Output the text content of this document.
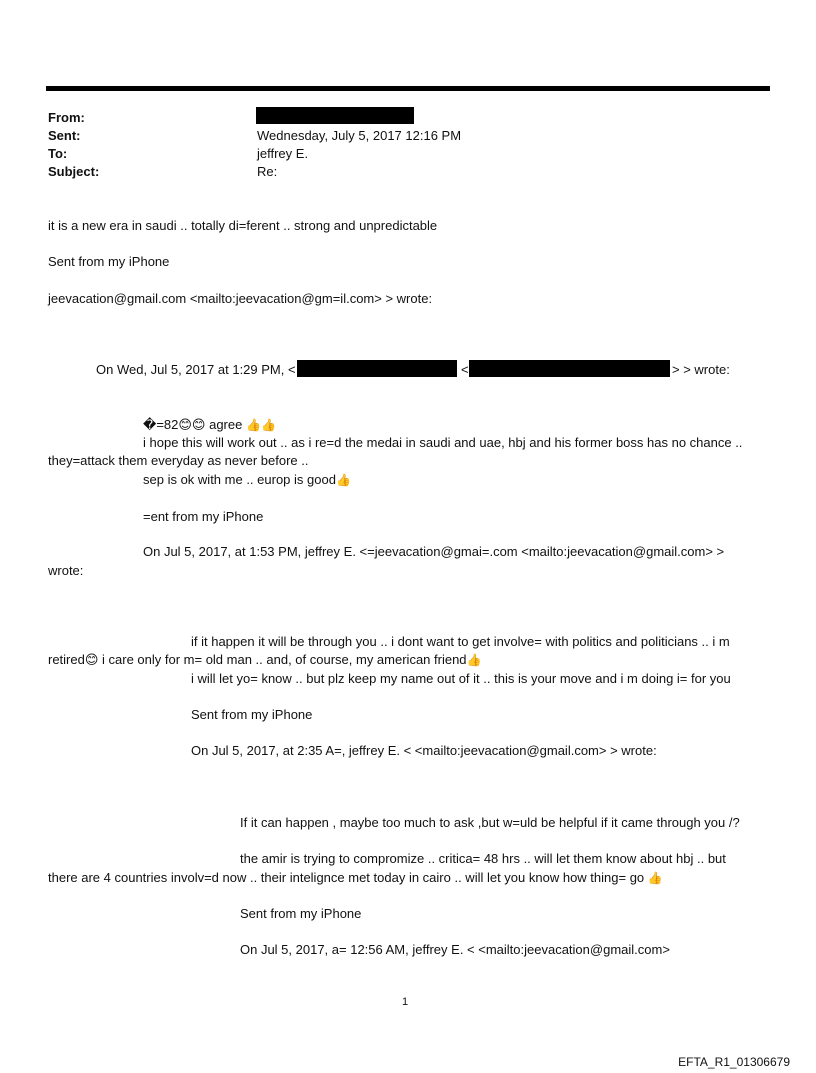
From:
Sent:	Wednesday, July 5, 2017 12:16 PM
To:	jeffrey E.
Subject:	Re:
it is a new era in saudi .. totally di=ferent .. strong and unpredictable
Sent from my iPhone
jeevacation@gmail.com <mailto:jeevacation@gm=il.com> > wrote:
On Wed, Jul 5, 2017 at 1:29 PM, <	<	> > wrote:
�=82😊😊 agree 👍👍
i hope this will work out .. as i re=d the medai in saudi and uae, hbj and his former boss has no chance ..
they=attack them everyday as never before ..
sep is ok with me .. europ is good👍
=ent from my iPhone
On Jul 5, 2017, at 1:53 PM, jeffrey E. <=jeevacation@gmai=.com <mailto:jeevacation@gmail.com> >
wrote:
if it happen it will be through you .. i dont want to get involve= with politics and politicians .. i m
retired😊 i care only for m= old man .. and, of course, my american friend👍
i will let yo= know .. but plz keep my name out of it .. this is your move and i m doing i= for you
Sent from my iPhone
On Jul 5, 2017, at 2:35 A=, jeffrey E. < <mailto:jeevacation@gmail.com> > wrote:
If it can happen , maybe too much to ask ,but w=uld be helpful if it came through you /?
the amir is trying to compromize .. critica= 48 hrs .. will let them know about hbj .. but
there are 4 countries involv=d now .. their intelignce met today in cairo .. will let you know how thing= go 👍
Sent from my iPhone
On Jul 5, 2017, a= 12:56 AM, jeffrey E. < <mailto:jeevacation@gmail.com>
1
EFTA_R1_01306679
